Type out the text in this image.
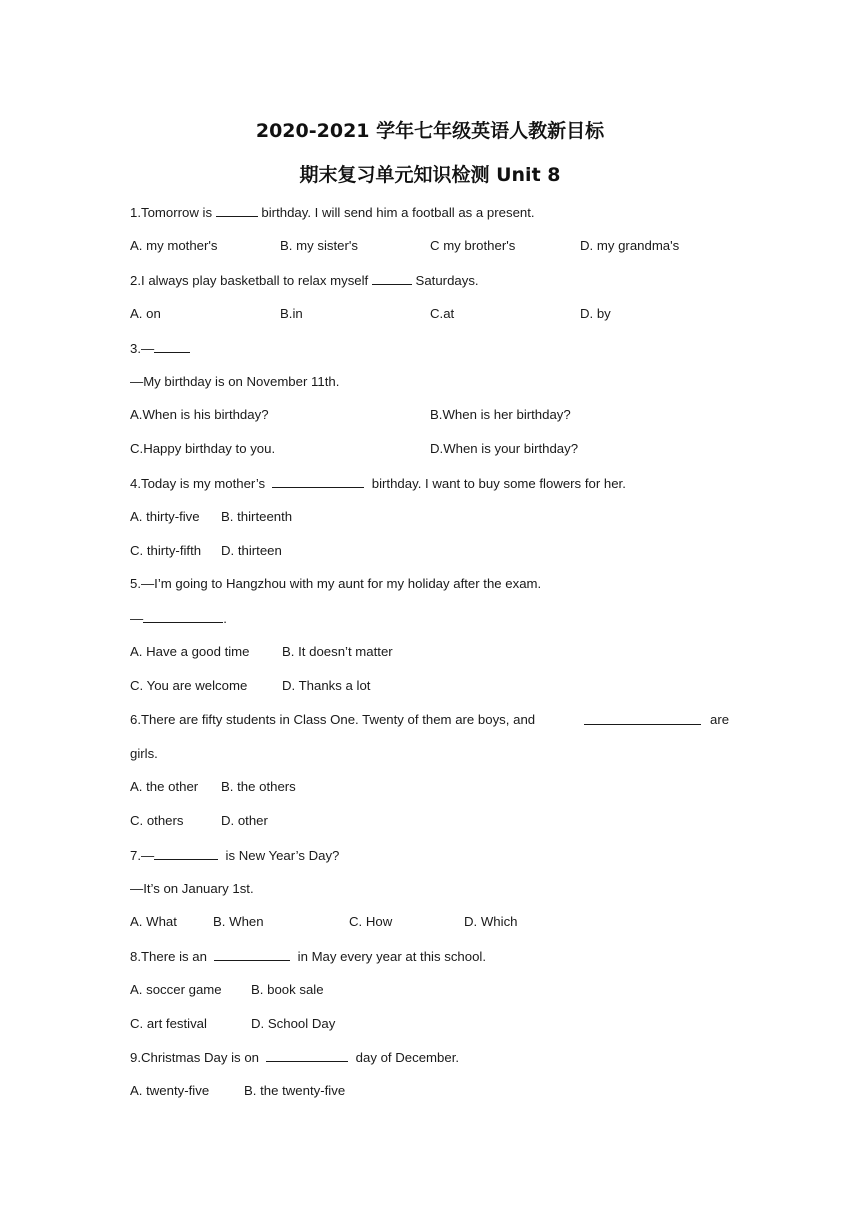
2020-2021 学年七年级英语人教新目标
期末复习单元知识检测 Unit 8
1.Tomorrow is	birthday. I will send him a football as a present.
A. my mother's	B. my sister's	C my brother's	D. my grandma's
2.I always play basketball to relax myself	Saturdays.
A. on	B.in	C.at	D. by
3.—
—My birthday is on November 11th.
A.When is his birthday?	B.When is her birthday?
C.Happy birthday to you.	D.When is your birthday?
4.Today is my mother’s	birthday. I want to buy some flowers for her.
A. thirty-five B. thirteenth
C. thirty-fifth D. thirteen
5.—I’m going to Hangzhou with my aunt for my holiday after the exam.
—	.
A. Have a good time B. It doesn’t matter
C. You are welcome	D. Thanks a lot
6.There are fifty students in Class One. Twenty of them are boys, and	are
girls.
A. the other B. the others
C. others	D. other
7.—	is New Year’s Day?
—It’s on January 1st.
A. What	B. When	C. How	D. Which
8.There is an	in May every year at this school.
A. soccer game B. book sale
C. art festival	D. School Day
9.Christmas Day is on	day of December.
A. twenty-five	B. the twenty-five
